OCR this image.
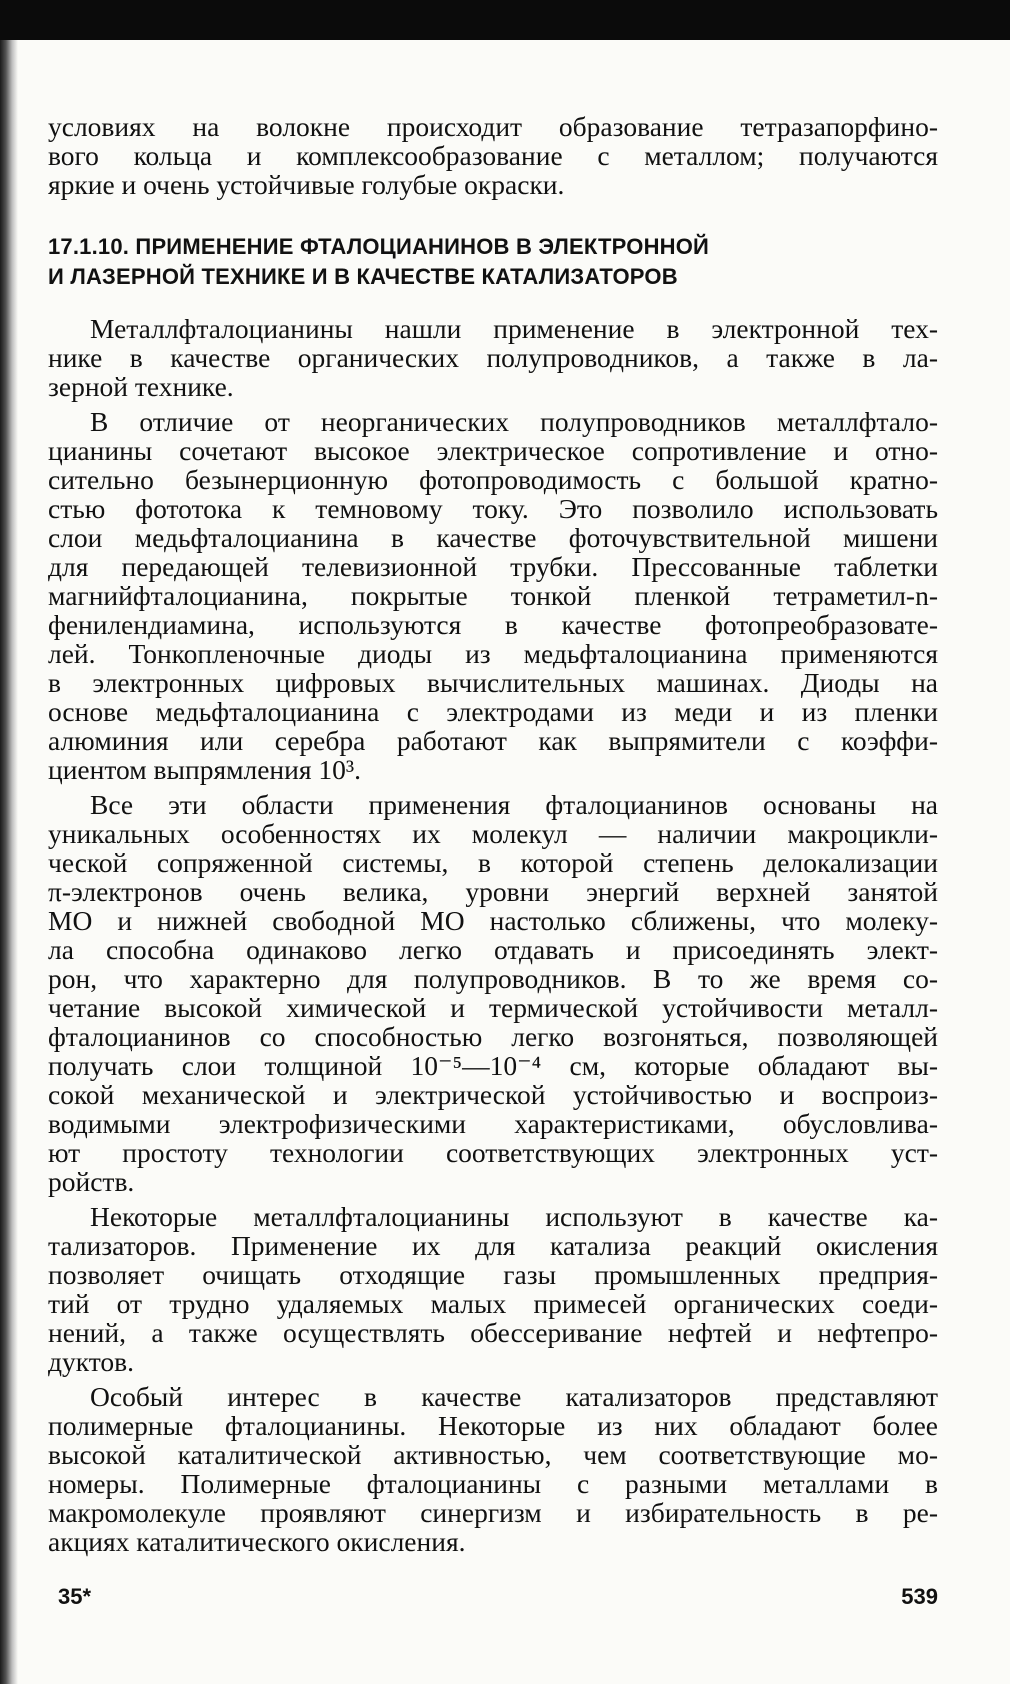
условиях на волокне происходит образование тетразапорфино-
вого кольца и комплексообразование с металлом; получаются
яркие и очень устойчивые голубые окраски.

17.1.10. ПРИМЕНЕНИЕ ФТАЛОЦИАНИНОВ В ЭЛЕКТРОННОЙ
И ЛАЗЕРНОЙ ТЕХНИКЕ И В КАЧЕСТВЕ КАТАЛИЗАТОРОВ

Металлфталоцианины нашли применение в электронной тех-
нике в качестве органических полупроводников, а также в ла-
зерной технике.

В отличие от неорганических полупроводников металлфтало-
цианины сочетают высокое электрическое сопротивление и отно-
сительно безынерционную фотопроводимость с большой кратно-
стью фототока к темновому току. Это позволило использовать
слои медьфталоцианина в качестве фоточувствительной мишени
для передающей телевизионной трубки. Прессованные таблетки
магнийфталоцианина, покрытые тонкой пленкой тетраметил-n-
фенилендиамина, используются в качестве фотопреобразовате-
лей. Тонкопленочные диоды из медьфталоцианина применяются
в электронных цифровых вычислительных машинах. Диоды на
основе медьфталоцианина с электродами из меди и из пленки
алюминия или серебра работают как выпрямители с коэффи-
циентом выпрямления 10³.

Все эти области применения фталоцианинов основаны на
уникальных особенностях их молекул — наличии макроцикли-
ческой сопряженной системы, в которой степень делокализации
π-электронов очень велика, уровни энергий верхней занятой
МО и нижней свободной МО настолько сближены, что молеку-
ла способна одинаково легко отдавать и присоединять элект-
рон, что характерно для полупроводников. В то же время со-
четание высокой химической и термической устойчивости металл-
фталоцианинов со способностью легко возгоняться, позволяющей
получать слои толщиной 10⁻⁵—10⁻⁴ см, которые обладают вы-
сокой механической и электрической устойчивостью и воспроиз-
водимыми электрофизическими характеристиками, обусловлива-
ют простоту технологии соответствующих электронных уст-
ройств.

Некоторые металлфталоцианины используют в качестве ка-
тализаторов. Применение их для катализа реакций окисления
позволяет очищать отходящие газы промышленных предприя-
тий от трудно удаляемых малых примесей органических соеди-
нений, а также осуществлять обессеривание нефтей и нефтепро-
дуктов.

Особый интерес в качестве катализаторов представляют
полимерные фталоцианины. Некоторые из них обладают более
высокой каталитической активностью, чем соответствующие мо-
номеры. Полимерные фталоцианины с разными металлами в
макромолекуле проявляют синергизм и избирательность в ре-
акциях каталитического окисления.

35*	539
